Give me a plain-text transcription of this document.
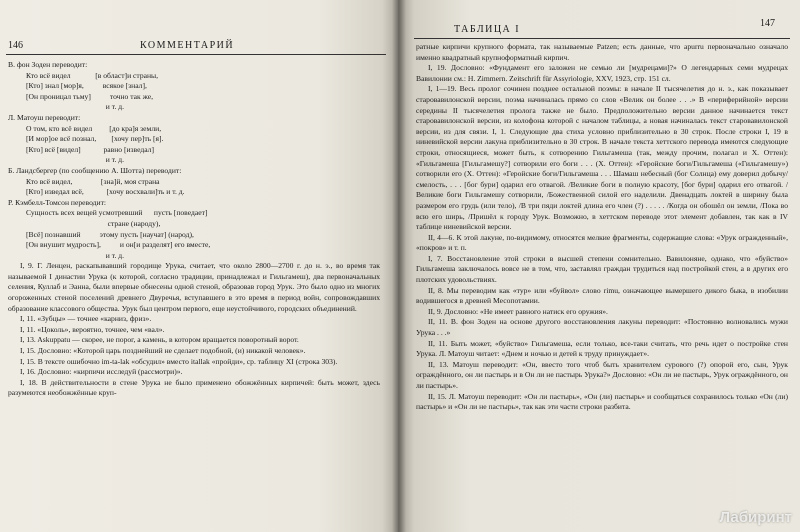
146	КОММЕНТАРИЙ

В. фон Зоден переводит:

Кто всё видел             [в област]и страны,
[Кто] знал [мор]я,          всякое [знал],
[Он проницал тьму]          точно так же,
и т. д.

Л. Матоуш переводит:

О том, кто всё видел         [до кра]я земли,
[И мор]ое всё познал,        [хочу пер]ть [я].
[Кто] всё [видел]            равно [изведал]
и т. д.

Б. Ландсбергер (по сообщению А. Шотта) переводит:

Кто всё видел,               [зна]й, моя страна
[Кто] изведал всё,            [хочу восхвали]ть и т. д.

Р. Кэмбелл-Томсон переводит:

Сущность всех вещей усмотревший      пусть [поведает]
стране (народу),
[Всё] познавший          этому пусть [научат] (народ),
[Он внушит мудрость],          и он[и разделят] его вместе,
и т. д.

I, 9. Г. Ленцен, раскапывавший городище Урука, считает, что около 2800—2700 г. до н. э., во время так называемой I династии Урука (к которой, согласно традиции, принадлежал и Гильгамеш), два первоначальных селения, Куллаб и Эанна, были впервые обнесены одной стеной, образовав город Урук. Это было одно из многих огороженных стеной поселений древнего Двуречья, вступавшего в это время в период войн, сопровождавших образование классового общества. Урук был центром первого, еще неустойчивого, городских объединений.

I, 11. «Зубцы» — точнее «карниз, фриз».

I, 11. «Цоколь», вероятно, точнее, чем «вал».

I, 13. Askuppatu — скорее, не порог, а камень, в котором вращается поворотный ворот.

I, 15. Дословно: «Которой царь позднейший не сделает подобной, (и) никакой человек».

I, 15. В тексте ошибочно im-ta-lak «обсудил» вместо itallak «пройди», ср. таблицу XI (строка 303).

I, 16. Дословно: «кирпичи исследуй (рассмотри)».

I, 18. В действительности в стене Урука не было применено обожжённых кирпичей: быть может, здесь разумеются необожжённые круп-

ТАБЛИЦА I
147

ратные кирпичи крупного формата, так называемые Patzen; есть данные, что apurru первоначально означало именно квадратный крупноформатный кирпич.

I, 19. Дословно: «Фундамент его заложен не семью ли [мудрецами]?» О легендарных семи мудрецах Вавилонии см.: H. Zimmern. Zeitschrift für Assyriologie, XXV, 1923, стр. 151 сл.

I, 1—19. Весь пролог сочинен позднее остальной поэмы: в начале II тысячелетия до н. э., как показывает старовавилонской версии, поэма начиналась прямо со слов «Велик он более . . .» В «периферийной» версии середины II тысячелетия пролога также не было. Предположительно версии данное начинается текст старовавилонской версии, из колофона которой с началом таблицы, а новая начиналась текст старовавилонской версии, из для связи. I, 1. Следующие два стиха условно приблизительно в 30 строк. После строки I, 19 в ниневийской версии лакуна приблизительно в 30 строк. В начале текста хеттского перевода имеются следующие строки, относящиеся, может быть, к сотворению Гильгамеша (так, между прочим, полагал и Х. Оттен): «Гильгамеша [Гильгамешу?] сотворили его боги . . . (Х. Оттен): «Геройские боги/Гильгамеша («Гильгамешу») сотворили его (Х. Оттен): «Геройские боги/Гильгамеша . . . Шамаш небесный (бог Солнца) ему доверил добычу/смелость, . . . [бог бури] одарил его отвагой. /Великие боги в полную красоту, [бог бури] одарил его отвагой. /Великие боги Гильгамешу сотворили, /Божественной силой его наделили. Двенадцать локтей в ширину была размером его грудь (или тело), /В три пяди локтей длина его член (?) . . . . . /Когда он обошёл он земли, /Пока во всю его ширь, /Пришёл к городу Урук. Возможно, в хеттском переводе этот элемент добавлен, так как в IV таблице ниневийской версии.

II, 4—6. К этой лакуне, по-видимому, относятся мелкие фрагменты, содержащие слова: «Урук огражденный», «покров» и т. п.

I, 7. Восстановление этой строки в высшей степени сомнительно. Вавилоняне, однако, что «буйство» Гильгамеша заключалось вовсе не в том, что, заставлял граждан трудиться над постройкой стен, а в других его плотских удовольствиях.

II, 8. Мы переводим как «тур» или «буйвол» слово rimu, означающее вымершего дикого быка, в изобилии водившегося в древней Месопотамии.

II, 9. Дословно: «Не имеет равного натиск его оружия».

II, 11. В. фон Зоден на основе другого восстановления лакуны переводит: «Постоянно волновались мужи Урука . . .»

II, 11. Быть может, «буйство» Гильгамеша, если только, все-таки считать, что речь идет о постройке стен Урука. Л. Матоуш читает: «Днем и ночью и детей к труду принуждает».

II, 13. Матоуш переводит: «Он, ввесто того чтоб быть хранителем сурового (?) опорой его, сын, Урук ограждённого, он ли пастырь и в Он ли не пастырь Урука?» Дословно: «Он ли не пастырь, Урук ограждённого, он ли пастырь».

II, 15. Л. Матоуш переводит: «Он ли пастырь», «Он (ли) пастырь» и сообщаться сохранилось только «Он (ли) пастырь» и «Он ли не пастырь», так как эти части строки разбита.

Лабиринт
